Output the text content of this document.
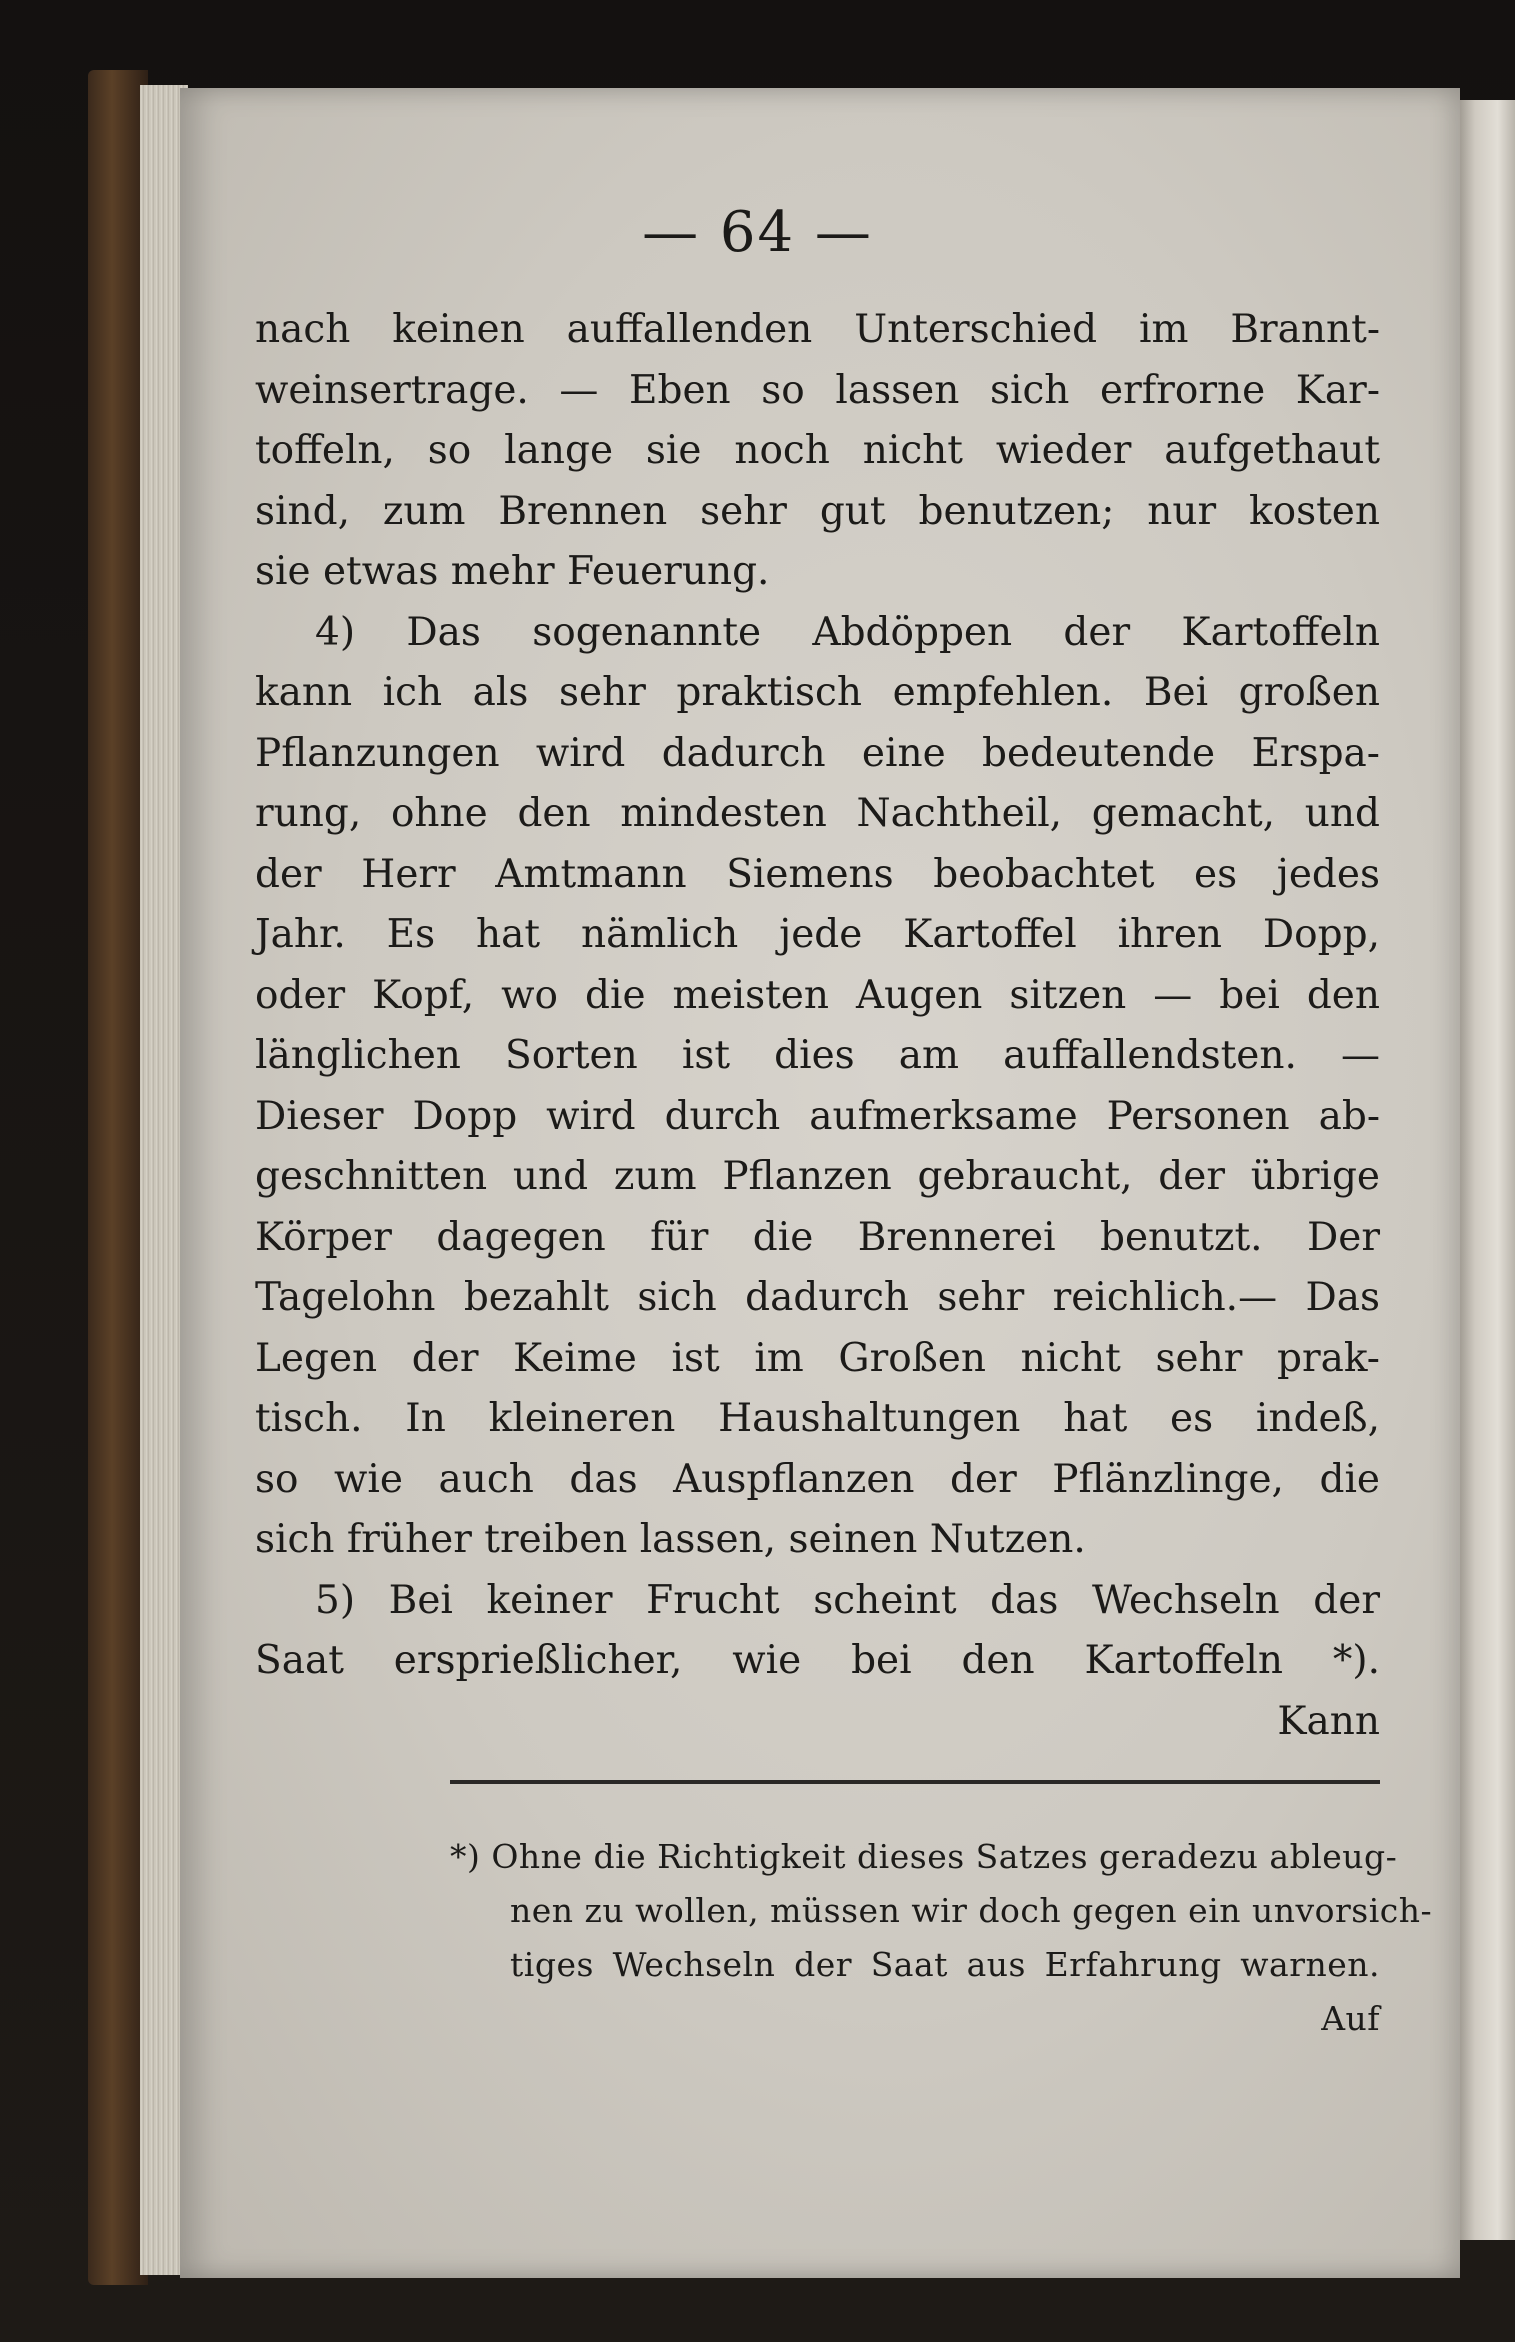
— 64 —
nach keinen auffallenden Unterschied im Brannt-
weinsertrage. — Eben so lassen sich erfrorne Kar-
toffeln, so lange sie noch nicht wieder aufgethaut
sind, zum Brennen sehr gut benutzen; nur kosten
sie etwas mehr Feuerung.
4) Das sogenannte Abdöppen der Kartoffeln
kann ich als sehr praktisch empfehlen. Bei großen
Pflanzungen wird dadurch eine bedeutende Erspa-
rung, ohne den mindesten Nachtheil, gemacht, und
der Herr Amtmann Siemens beobachtet es jedes
Jahr. Es hat nämlich jede Kartoffel ihren Dopp,
oder Kopf, wo die meisten Augen sitzen — bei den
länglichen Sorten ist dies am auffallendsten. —
Dieser Dopp wird durch aufmerksame Personen ab-
geschnitten und zum Pflanzen gebraucht, der übrige
Körper dagegen für die Brennerei benutzt. Der
Tagelohn bezahlt sich dadurch sehr reichlich.— Das
Legen der Keime ist im Großen nicht sehr prak-
tisch. In kleineren Haushaltungen hat es indeß,
so wie auch das Auspflanzen der Pflänzlinge, die
sich früher treiben lassen, seinen Nutzen.
5) Bei keiner Frucht scheint das Wechseln der
Saat ersprießlicher, wie bei den Kartoffeln *).
Kann
*) Ohne die Richtigkeit dieses Satzes geradezu ableug-
nen zu wollen, müssen wir doch gegen ein unvorsich-
tiges Wechseln der Saat aus Erfahrung warnen.
Auf
